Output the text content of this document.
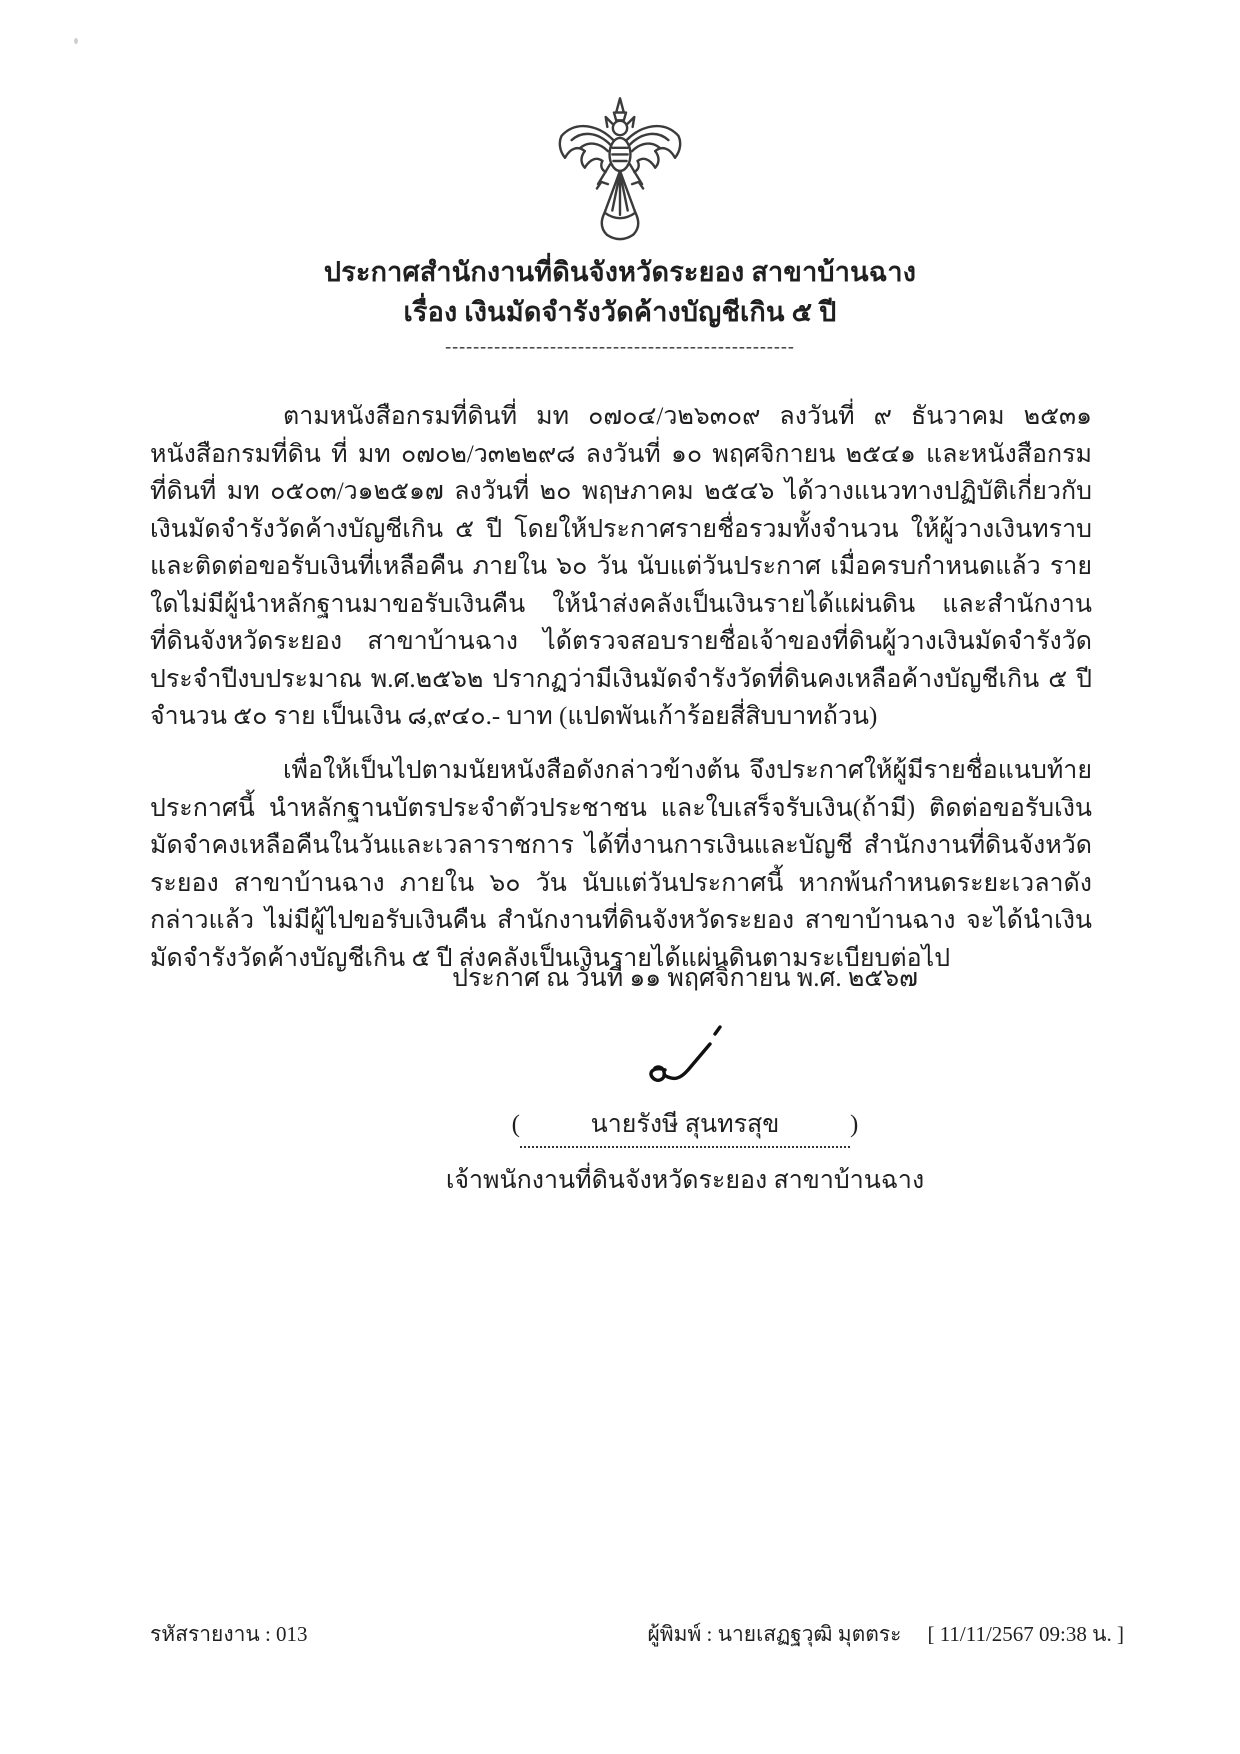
ประกาศสำนักงานที่ดินจังหวัดระยอง สาขาบ้านฉาง
เรื่อง เงินมัดจำรังวัดค้างบัญชีเกิน ๕ ปี
--------------------------------------------------

ตามหนังสือกรมที่ดินที่ มท ๐๗๐๔/ว๒๖๓๐๙ ลงวันที่ ๙ ธันวาคม ๒๕๓๑ หนังสือกรมที่ดิน ที่ มท ๐๗๐๒/ว๓๒๒๙๘ ลงวันที่ ๑๐ พฤศจิกายน ๒๕๔๑ และหนังสือกรมที่ดินที่ มท ๐๕๐๓/ว๑๒๕๑๗ ลงวันที่ ๒๐ พฤษภาคม ๒๕๔๖ ได้วางแนวทางปฏิบัติเกี่ยวกับเงินมัดจำรังวัดค้างบัญชีเกิน ๕ ปี โดยให้ประกาศรายชื่อรวมทั้งจำนวน ให้ผู้วางเงินทราบและติดต่อขอรับเงินที่เหลือคืน ภายใน ๖๐ วัน นับแต่วันประกาศ เมื่อครบกำหนดแล้ว รายใดไม่มีผู้นำหลักฐานมาขอรับเงินคืน ให้นำส่งคลังเป็นเงินรายได้แผ่นดิน และสำนักงานที่ดินจังหวัดระยอง สาขาบ้านฉาง ได้ตรวจสอบรายชื่อเจ้าของที่ดินผู้วางเงินมัดจำรังวัด ประจำปีงบประมาณ พ.ศ.๒๕๖๒ ปรากฏว่ามีเงินมัดจำรังวัดที่ดินคงเหลือค้างบัญชีเกิน ๕ ปี จำนวน ๕๐ ราย เป็นเงิน ๘,๙๔๐.- บาท (แปดพันเก้าร้อยสี่สิบบาทถ้วน)

เพื่อให้เป็นไปตามนัยหนังสือดังกล่าวข้างต้น จึงประกาศให้ผู้มีรายชื่อแนบท้ายประกาศนี้ นำหลักฐานบัตรประจำตัวประชาชน และใบเสร็จรับเงิน(ถ้ามี) ติดต่อขอรับเงินมัดจำคงเหลือคืนในวันและเวลาราชการ ได้ที่งานการเงินและบัญชี สำนักงานที่ดินจังหวัดระยอง สาขาบ้านฉาง ภายใน ๖๐ วัน นับแต่วันประกาศนี้ หากพ้นกำหนดระยะเวลาดังกล่าวแล้ว ไม่มีผู้ไปขอรับเงินคืน สำนักงานที่ดินจังหวัดระยอง สาขาบ้านฉาง จะได้นำเงินมัดจำรังวัดค้างบัญชีเกิน ๕ ปี ส่งคลังเป็นเงินรายได้แผ่นดินตามระเบียบต่อไป

ประกาศ ณ วันที่ ๑๑ พฤศจิกายน พ.ศ. ๒๕๖๗
(	นายรังษี สุนทรสุข	)
เจ้าพนักงานที่ดินจังหวัดระยอง สาขาบ้านฉาง
รหัสรายงาน : 013	ผู้พิมพ์ : นายเสฏฐวุฒิ มุตตระ [ 11/11/2567 09:38 น. ]
